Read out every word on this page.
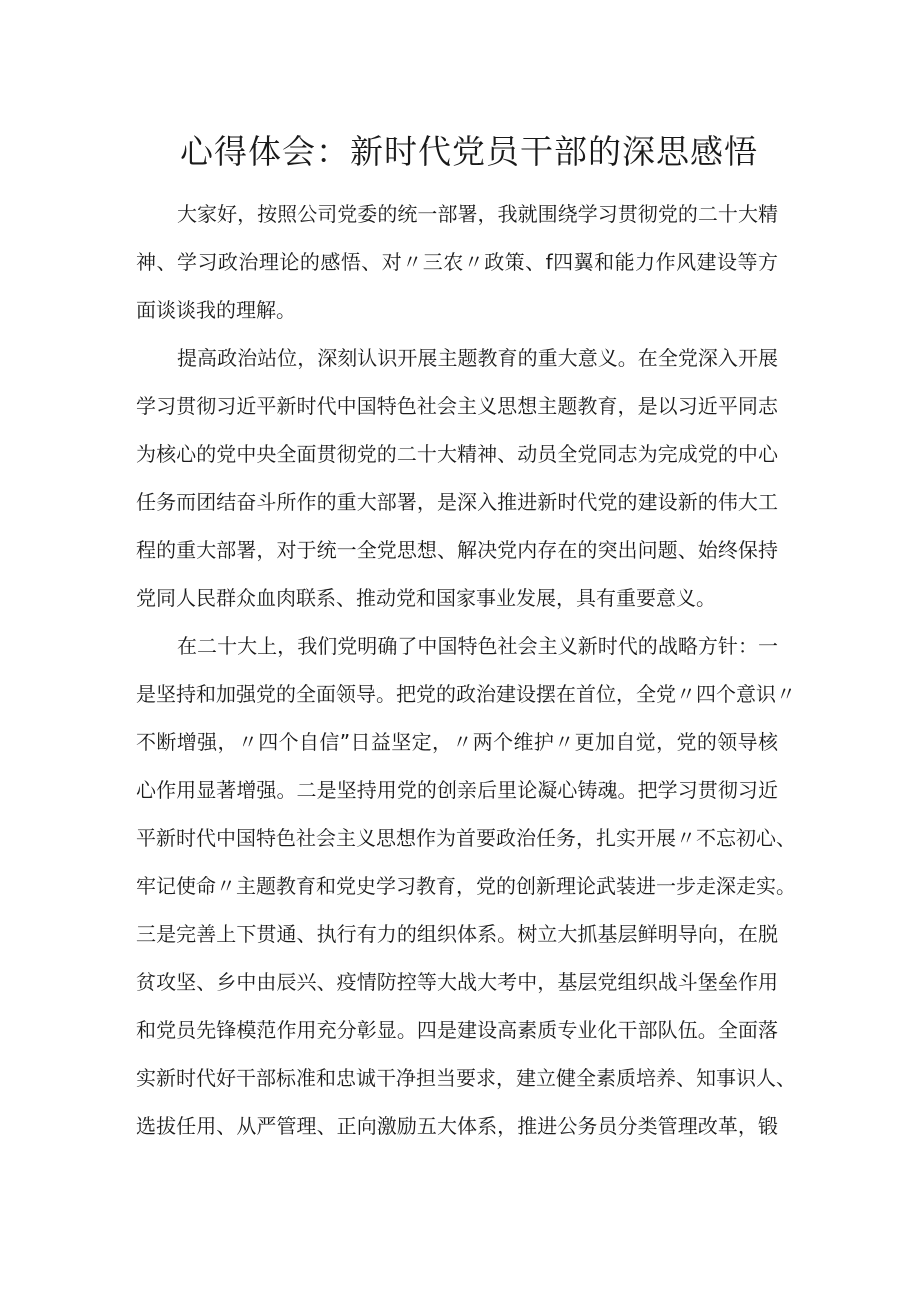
心得体会：新时代党员干部的深思感悟

大家好，按照公司党委的统一部署，我就围绕学习贯彻党的二十大精

神、学习政治理论的感悟、对〃三农〃政策、f四翼和能力作风建设等方

面谈谈我的理解。

提高政治站位，深刻认识开展主题教育的重大意义。在全党深入开展

学习贯彻习近平新时代中国特色社会主义思想主题教育，是以习近平同志

为核心的党中央全面贯彻党的二十大精神、动员全党同志为完成党的中心

任务而团结奋斗所作的重大部署，是深入推进新时代党的建设新的伟大工

程的重大部署，对于统一全党思想、解决党内存在的突出问题、始终保持

党同人民群众血肉联系、推动党和国家事业发展，具有重要意义。

在二十大上，我们党明确了中国特色社会主义新时代的战略方针：一

是坚持和加强党的全面领导。把党的政治建设摆在首位，全党〃四个意识〃

不断增强，〃四个自信”日益坚定，〃两个维护〃更加自觉，党的领导核

心作用显著增强。二是坚持用党的创亲后里论凝心铸魂。把学习贯彻习近

平新时代中国特色社会主义思想作为首要政治任务，扎实开展〃不忘初心、

牢记使命〃主题教育和党史学习教育，党的创新理论武装进一步走深走实。

三是完善上下贯通、执行有力的组织体系。树立大抓基层鲜明导向，在脱

贫攻坚、乡中由辰兴、疫情防控等大战大考中，基层党组织战斗堡垒作用

和党员先锋模范作用充分彰显。四是建设高素质专业化干部队伍。全面落

实新时代好干部标准和忠诚干净担当要求，建立健全素质培养、知事识人、

选拔任用、从严管理、正向激励五大体系，推进公务员分类管理改革，锻
